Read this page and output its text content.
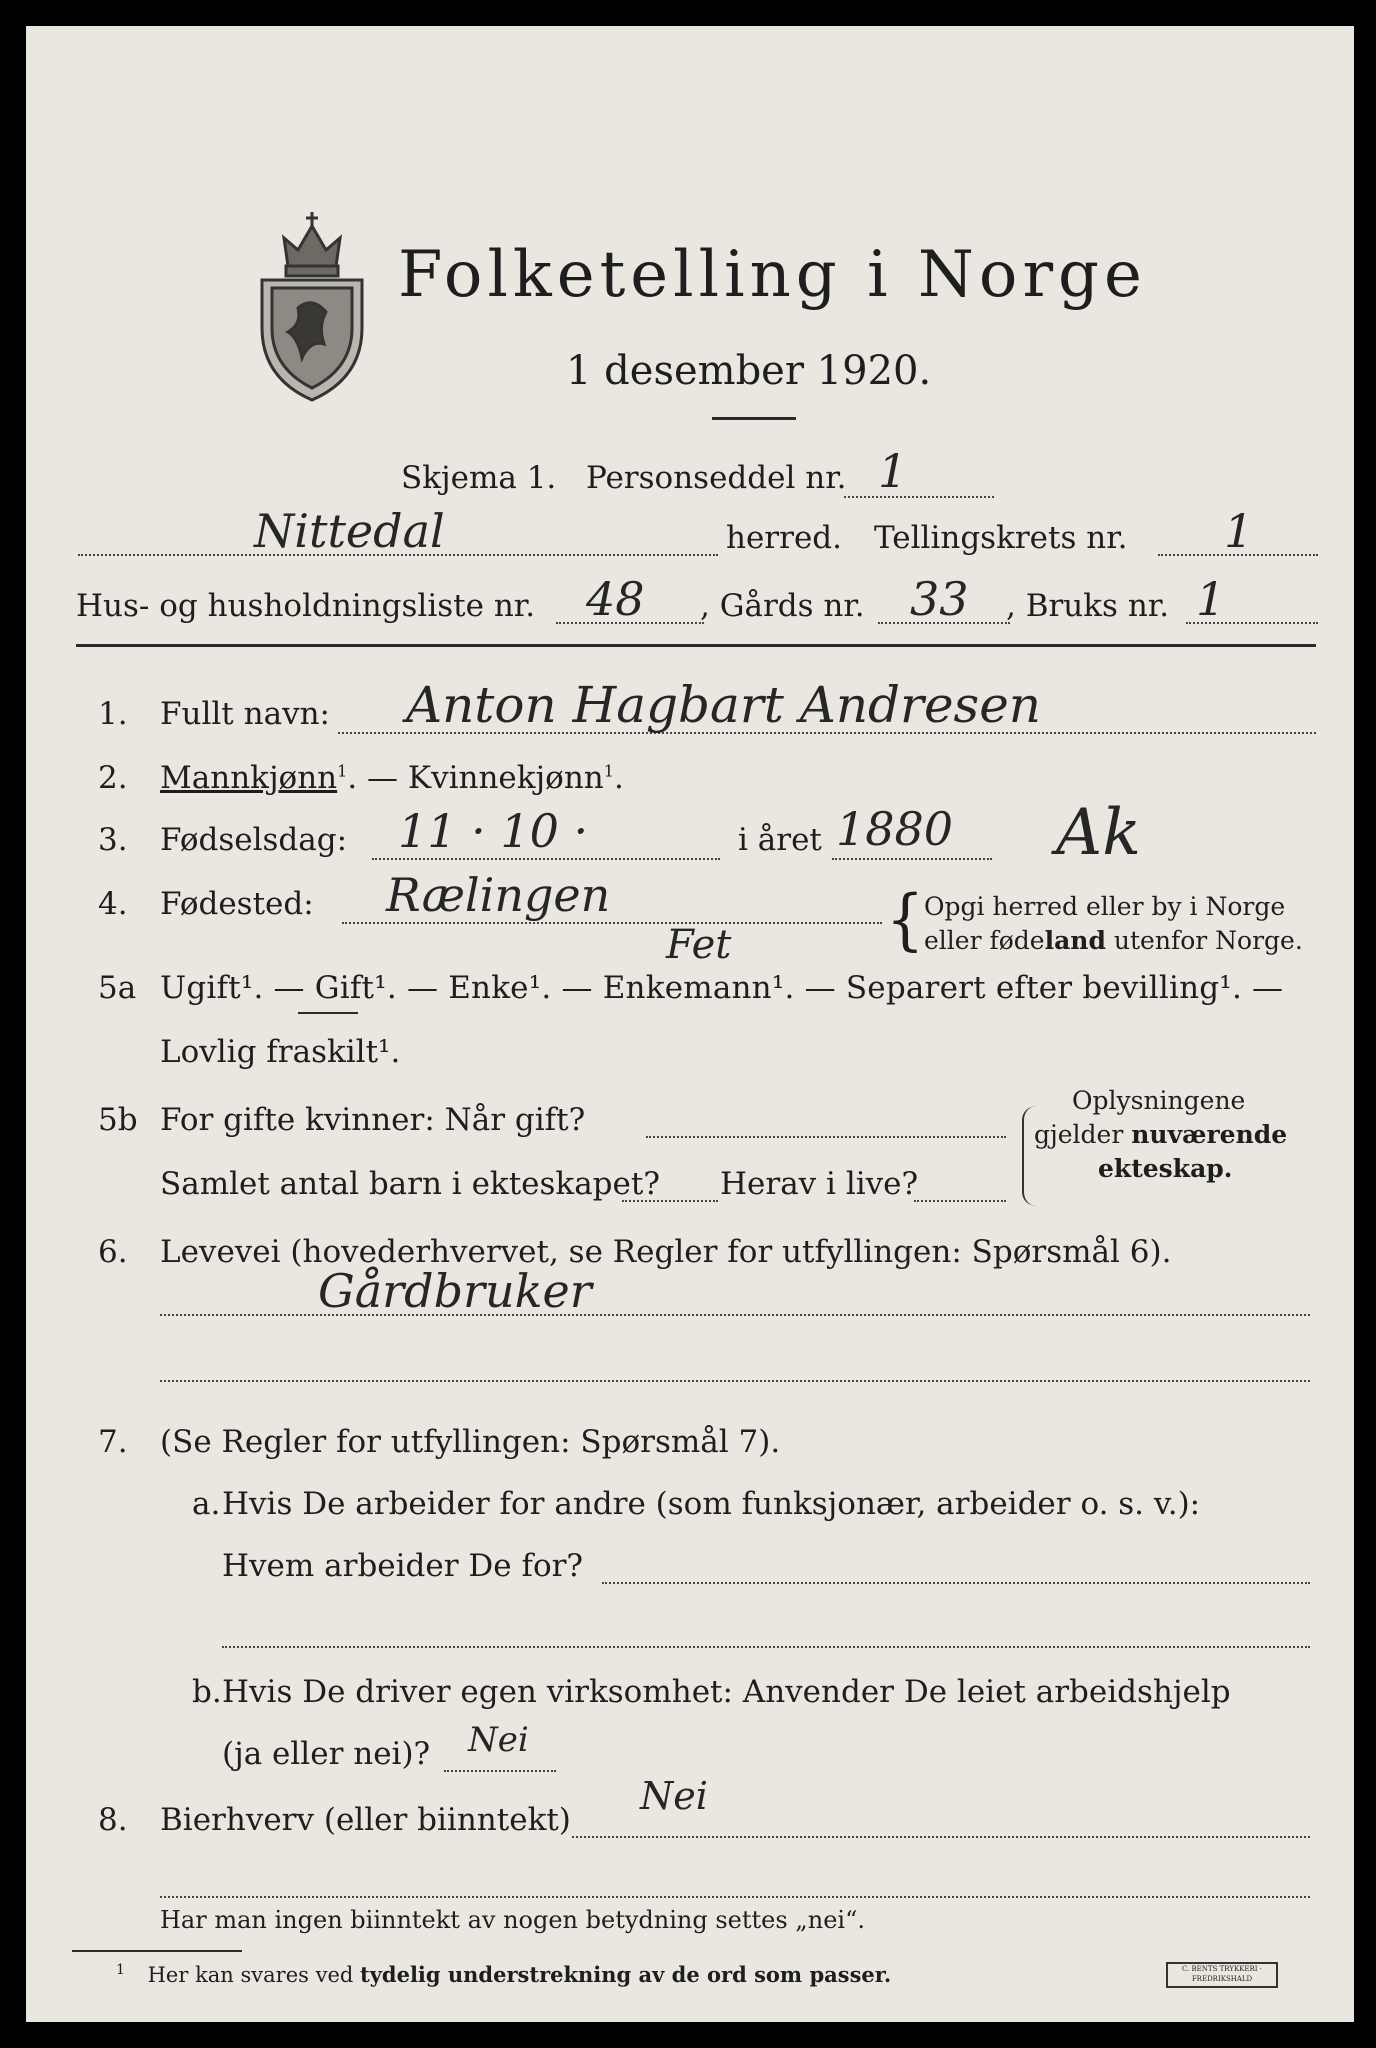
Folketelling i Norge
1 desember 1920.
Skjema 1. Personseddel nr. 1
Nittedal	herred. Tellingskrets nr. 1
Hus- og husholdningsliste nr. 48 , Gårds nr. 33 , Bruks nr. 1
1. Fullt navn: Anton Hagbart Andresen
2. Mannkjønn$^1$. — Kvinnekjønn$^1$.
3. Fødselsdag: 11 · 10 ·	i året 1880 Ak
4. Fødested: Rælingen
Fet	{ Opgi herred eller by i Norge
eller fødeland utenfor Norge.
5a Ugift¹. — Gift¹. — Enke¹. — Enkemann¹. — Separert efter bevilling¹. —
Lovlig fraskilt¹.
5b For gifte kvinner: Når gift?
Samlet antal barn i ekteskapet? Herav i live?
Oplysningene
gjelder nuværende
ekteskap.
6. Levevei (hovederhvervet, se Regler for utfyllingen: Spørsmål 6).
Gårdbruker
7. (Se Regler for utfyllingen: Spørsmål 7).
a. Hvis De arbeider for andre (som funksjonær, arbeider o. s. v.):
Hvem arbeider De for?
b. Hvis De driver egen virksomhet: Anvender De leiet arbeidshjelp
(ja eller nei)? Nei
8. Bierhverv (eller biinntekt)
Nei
Har man ingen biinntekt av nogen betydning settes „nei“.
$^1$ Her kan svares ved tydelig understrekning av de ord som passer.	C. BENTS TRYKKERI · FREDRIKSHALD
